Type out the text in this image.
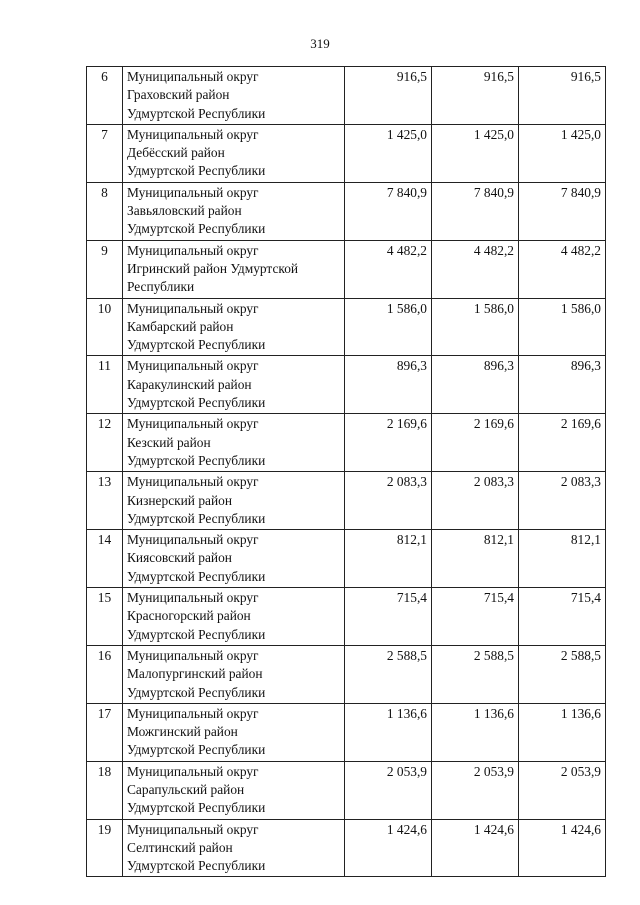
319
6	Муниципальный округ
Граховский район
Удмуртской Республики	916,5	916,5	916,5
7	Муниципальный округ
Дебёсский район
Удмуртской Республики	1 425,0	1 425,0	1 425,0
8	Муниципальный округ
Завьяловский район
Удмуртской Республики	7 840,9	7 840,9	7 840,9
9	Муниципальный округ
Игринский район Удмуртской
Республики	4 482,2	4 482,2	4 482,2
10	Муниципальный округ
Камбарский район
Удмуртской Республики	1 586,0	1 586,0	1 586,0
11	Муниципальный округ
Каракулинский район
Удмуртской Республики	896,3	896,3	896,3
12	Муниципальный округ
Кезский район
Удмуртской Республики	2 169,6	2 169,6	2 169,6
13	Муниципальный округ
Кизнерский район
Удмуртской Республики	2 083,3	2 083,3	2 083,3
14	Муниципальный округ
Киясовский район
Удмуртской Республики	812,1	812,1	812,1
15	Муниципальный округ
Красногорский район
Удмуртской Республики	715,4	715,4	715,4
16	Муниципальный округ
Малопургинский район
Удмуртской Республики	2 588,5	2 588,5	2 588,5
17	Муниципальный округ
Можгинский район
Удмуртской Республики	1 136,6	1 136,6	1 136,6
18	Муниципальный округ
Сарапульский район
Удмуртской Республики	2 053,9	2 053,9	2 053,9
19	Муниципальный округ
Селтинский район
Удмуртской Республики	1 424,6	1 424,6	1 424,6
